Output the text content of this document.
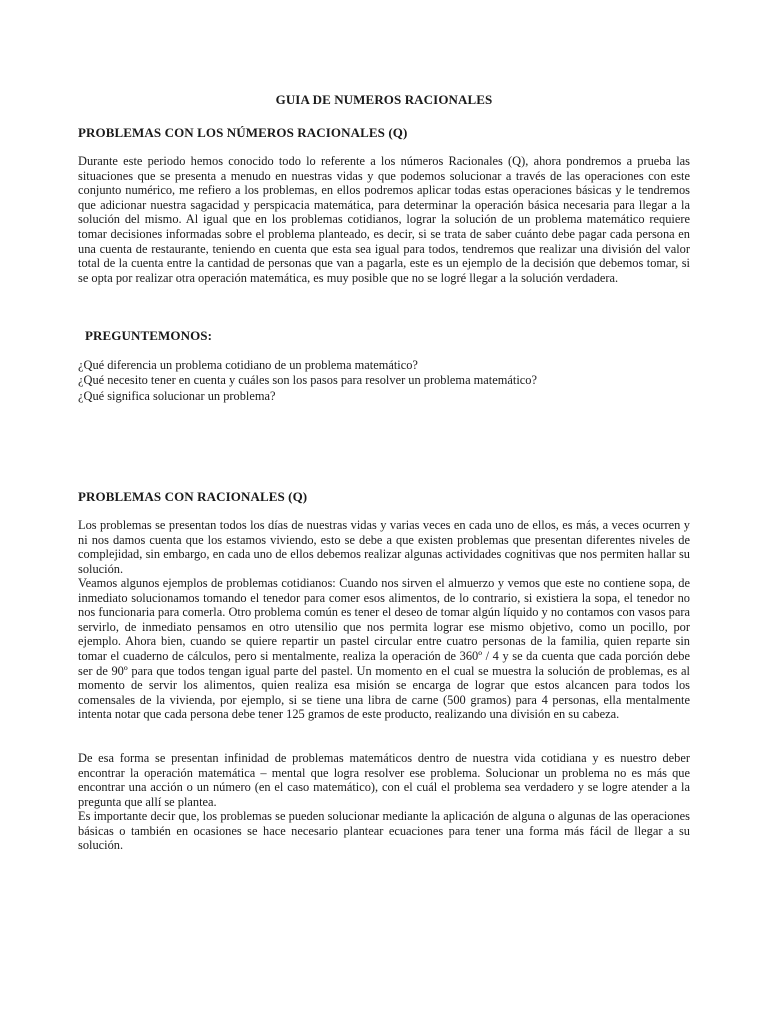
GUIA DE NUMEROS RACIONALES
PROBLEMAS CON LOS NÚMEROS RACIONALES (Q)

Durante este periodo hemos conocido todo lo referente a los números Racionales (Q), ahora pondremos a prueba las situaciones que se presenta a menudo en nuestras vidas y que podemos solucionar a través de las operaciones con este conjunto numérico, me refiero a los problemas, en ellos podremos aplicar todas estas operaciones básicas y le tendremos que adicionar nuestra sagacidad y perspicacia matemática, para determinar la operación básica necesaria para llegar a la solución del mismo. Al igual que en los problemas cotidianos, lograr la solución de un problema matemático requiere tomar decisiones informadas sobre el problema planteado, es decir, si se trata de saber cuánto debe pagar cada persona en una cuenta de restaurante, teniendo en cuenta que esta sea igual para todos, tendremos que realizar una división del valor total de la cuenta entre la cantidad de personas que van a pagarla, este es un ejemplo de la decisión que debemos tomar, si se opta por realizar otra operación matemática, es muy posible que no se logré llegar a la solución verdadera.

PREGUNTEMONOS:
¿Qué diferencia un problema cotidiano de un problema matemático?
¿Qué necesito tener en cuenta y cuáles son los pasos para resolver un problema matemático?
¿Qué significa solucionar un problema?
PROBLEMAS CON RACIONALES (Q)

Los problemas se presentan todos los días de nuestras vidas y varias veces en cada uno de ellos, es más, a veces ocurren y ni nos damos cuenta que los estamos viviendo, esto se debe a que existen problemas que presentan diferentes niveles de complejidad, sin embargo, en cada uno de ellos debemos realizar algunas actividades cognitivas que nos permiten hallar su solución.

Veamos algunos ejemplos de problemas cotidianos: Cuando nos sirven el almuerzo y vemos que este no contiene sopa, de inmediato solucionamos tomando el tenedor para comer esos alimentos, de lo contrario, si existiera la sopa, el tenedor no nos funcionaria para comerla. Otro problema común es tener el deseo de tomar algún líquido y no contamos con vasos para servirlo, de inmediato pensamos en otro utensilio que nos permita lograr ese mismo objetivo, como un pocillo, por ejemplo. Ahora bien, cuando se quiere repartir un pastel circular entre cuatro personas de la familia, quien reparte sin tomar el cuaderno de cálculos, pero si mentalmente, realiza la operación de 360º / 4 y se da cuenta que cada porción debe ser de 90º para que todos tengan igual parte del pastel. Un momento en el cual se muestra la solución de problemas, es al momento de servir los alimentos, quien realiza esa misión se encarga de lograr que estos alcancen para todos los comensales de la vivienda, por ejemplo, si se tiene una libra de carne (500 gramos) para 4 personas, ella mentalmente intenta notar que cada persona debe tener 125 gramos de este producto, realizando una división en su cabeza.

De esa forma se presentan infinidad de problemas matemáticos dentro de nuestra vida cotidiana y es nuestro deber encontrar la operación matemática – mental que logra resolver ese problema. Solucionar un problema no es más que encontrar una acción o un número (en el caso matemático), con el cuál el problema sea verdadero y se logre atender a la pregunta que allí se plantea.

Es importante decir que, los problemas se pueden solucionar mediante la aplicación de alguna o algunas de las operaciones básicas o también en ocasiones se hace necesario plantear ecuaciones para tener una forma más fácil de llegar a su solución.
